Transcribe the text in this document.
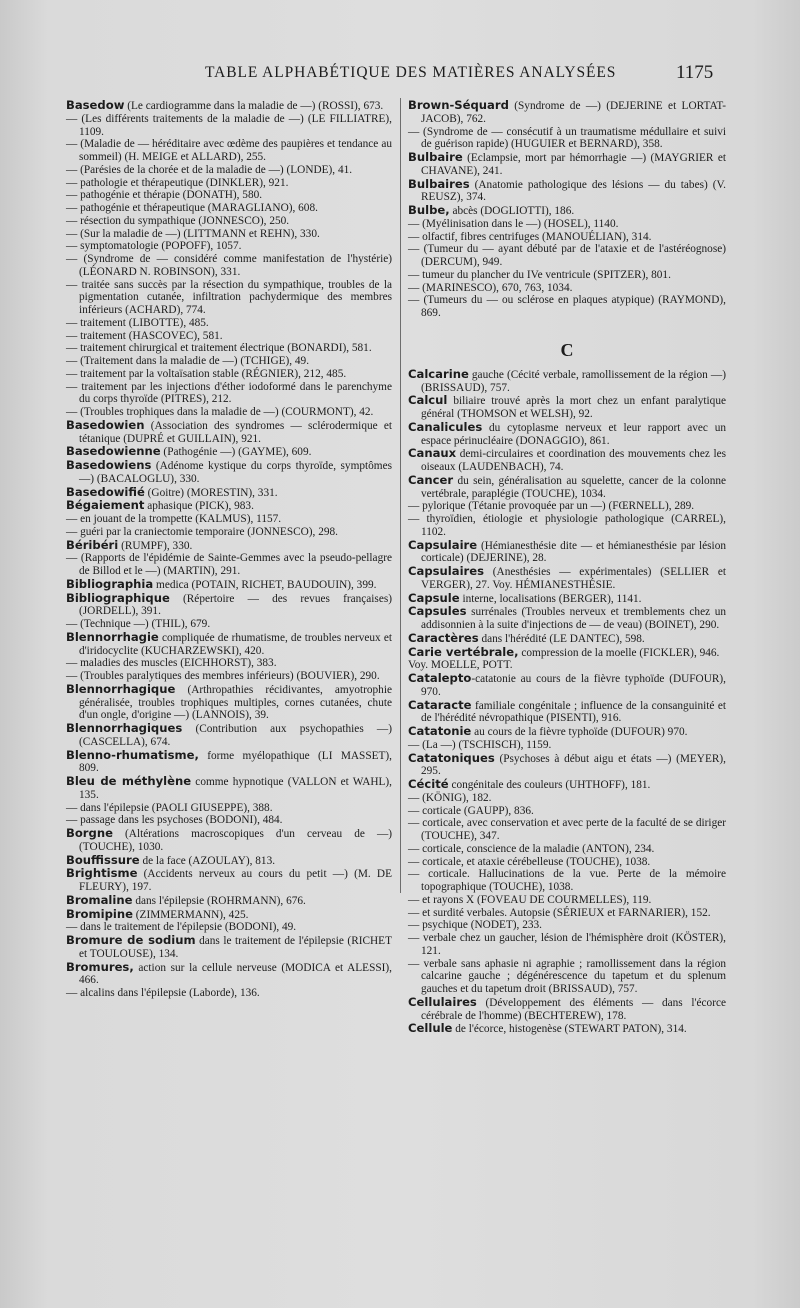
TABLE ALPHABÉTIQUE DES MATIÈRES ANALYSÉES	1175
Basedow (Le cardiogramme dans la maladie de —) (ROSSI), 673.
— (Les différents traitements de la maladie de —) (LE FILLIATRE), 1109.
— (Maladie de — héréditaire avec œdème des paupières et tendance au sommeil) (H. MEIGE et ALLARD), 255.
— (Parésies de la chorée et de la maladie de —) (LONDE), 41.
— pathologie et thérapeutique (DINKLER), 921.
— pathogénie et thérapie (DONATH), 580.
— pathogénie et thérapeutique (MARAGLIANO), 608.
— résection du sympathique (JONNESCO), 250.
— (Sur la maladie de —) (LITTMANN et REHN), 330.
— symptomatologie (POPOFF), 1057.
— (Syndrome de — considéré comme manifestation de l'hystérie) (LÉONARD N. ROBINSON), 331.
— traitée sans succès par la résection du sympathique, troubles de la pigmentation cutanée, infiltration pachydermique des membres inférieurs (ACHARD), 774.
— traitement (LIBOTTE), 485.
— traitement (HASCOVEC), 581.
— traitement chirurgical et traitement électrique (BONARDI), 581.
— (Traitement dans la maladie de —) (TCHIGE), 49.
— traitement par la voltaïsation stable (RÉGNIER), 212, 485.
— traitement par les injections d'éther iodoformé dans le parenchyme du corps thyroïde (PITRES), 212.
— (Troubles trophiques dans la maladie de —) (COURMONT), 42.
Basedowien (Association des syndromes — sclérodermique et tétanique (DUPRÉ et GUILLAIN), 921.
Basedowienne (Pathogénie —) (GAYME), 609.
Basedowiens (Adénome kystique du corps thyroïde, symptômes —) (BACALOGLU), 330.
Basedowifié (Goitre) (MORESTIN), 331.
Bégaiement aphasique (PICK), 983.
— en jouant de la trompette (KALMUS), 1157.
— guéri par la craniectomie temporaire (JONNESCO), 298.
Béribéri (RUMPF), 330.
— (Rapports de l'épidémie de Sainte-Gemmes avec la pseudo-pellagre de Billod et le —) (MARTIN), 291.
Bibliographia medica (POTAIN, RICHET, BAUDOUIN), 399.
Bibliographique (Répertoire — des revues françaises) (JORDELL), 391.
— (Technique —) (THIL), 679.
Blennorrhagie compliquée de rhumatisme, de troubles nerveux et d'iridocyclite (KUCHARZEWSKI), 420.
— maladies des muscles (EICHHORST), 383.
— (Troubles paralytiques des membres inférieurs) (BOUVIER), 290.
Blennorrhagique (Arthropathies récidivantes, amyotrophie généralisée, troubles trophiques multiples, cornes cutanées, chute d'un ongle, d'origine —) (LANNOIS), 39.
Blennorrhagiques (Contribution aux psychopathies —) (CASCELLA), 674.
Blenno-rhumatisme, forme myélopathique (LI MASSET), 809.
Bleu de méthylène comme hypnotique (VALLON et WAHL), 135.
— dans l'épilepsie (PAOLI GIUSEPPE), 388.
— passage dans les psychoses (BODONI), 484.
Borgne (Altérations macroscopiques d'un cerveau de —) (TOUCHE), 1030.
Bouffissure de la face (AZOULAY), 813.
Brightisme (Accidents nerveux au cours du petit —) (M. DE FLEURY), 197.
Bromaline dans l'épilepsie (ROHRMANN), 676.
Bromipine (ZIMMERMANN), 425.
— dans le traitement de l'épilepsie (BODONI), 49.
Bromure de sodium dans le traitement de l'épilepsie (RICHET et TOULOUSE), 134.
Bromures, action sur la cellule nerveuse (MODICA et ALESSI), 466.
— alcalins dans l'épilepsie (Laborde), 136.
Brown-Séquard (Syndrome de —) (DEJERINE et LORTAT-JACOB), 762.
— (Syndrome de — consécutif à un traumatisme médullaire et suivi de guérison rapide) (HUGUIER et BERNARD), 358.
Bulbaire (Eclampsie, mort par hémorrhagie —) (MAYGRIER et CHAVANE), 241.
Bulbaires (Anatomie pathologique des lésions — du tabes) (V. REUSZ), 374.
Bulbe, abcès (DOGLIOTTI), 186.
— (Myélinisation dans le —) (HOSEL), 1140.
— olfactif, fibres centrifuges (MANOUÉLIAN), 314.
— (Tumeur du — ayant débuté par de l'ataxie et de l'astéréognose) (DERCUM), 949.
— tumeur du plancher du IVe ventricule (SPITZER), 801.
— (MARINESCO), 670, 763, 1034.
— (Tumeurs du — ou sclérose en plaques atypique) (RAYMOND), 869.
C
Calcarine gauche (Cécité verbale, ramollissement de la région —) (BRISSAUD), 757.
Calcul biliaire trouvé après la mort chez un enfant paralytique général (THOMSON et WELSH), 92.
Canalicules du cytoplasme nerveux et leur rapport avec un espace périnucléaire (DONAGGIO), 861.
Canaux demi-circulaires et coordination des mouvements chez les oiseaux (LAUDENBACH), 74.
Cancer du sein, généralisation au squelette, cancer de la colonne vertébrale, paraplégie (TOUCHE), 1034.
— pylorique (Tétanie provoquée par un —) (FŒRNELL), 289.
— thyroïdien, étiologie et physiologie pathologique (CARREL), 1102.
Capsulaire (Hémianesthésie dite — et hémianesthésie par lésion corticale) (DEJERINE), 28.
Capsulaires (Anesthésies — expérimentales) (SELLIER et VERGER), 27. Voy. HÉMIANESTHÉSIE.
Capsule interne, localisations (BERGER), 1141.
Capsules surrénales (Troubles nerveux et tremblements chez un addisonnien à la suite d'injections de — de veau) (BOINET), 290.
Caractères dans l'hérédité (LE DANTEC), 598.
Carie vertébrale, compression de la moelle (FICKLER), 946.
Voy. MOELLE, POTT.
Catalepto-catatonie au cours de la fièvre typhoïde (DUFOUR), 970.
Cataracte familiale congénitale ; influence de la consanguinité et de l'hérédité névropathique (PISENTI), 916.
Catatonie au cours de la fièvre typhoïde (DUFOUR) 970.
— (La —) (TSCHISCH), 1159.
Catatoniques (Psychoses à début aigu et états —) (MEYER), 295.
Cécité congénitale des couleurs (UHTHOFF), 181.
— (KÖNIG), 182.
— corticale (GAUPP), 836.
— corticale, avec conservation et avec perte de la faculté de se diriger (TOUCHE), 347.
— corticale, conscience de la maladie (ANTON), 234.
— corticale, et ataxie cérébelleuse (TOUCHE), 1038.
— corticale. Hallucinations de la vue. Perte de la mémoire topographique (TOUCHE), 1038.
— et rayons X (FOVEAU DE COURMELLES), 119.
— et surdité verbales. Autopsie (SÉRIEUX et FARNARIER), 152.
— psychique (NODET), 233.
— verbale chez un gaucher, lésion de l'hémisphère droit (KÖSTER), 121.
— verbale sans aphasie ni agraphie ; ramollissement dans la région calcarine gauche ; dégénérescence du tapetum et du splenum gauches et du tapetum droit (BRISSAUD), 757.
Cellulaires (Développement des éléments — dans l'écorce cérébrale de l'homme) (BECHTEREW), 178.
Cellule de l'écorce, histogenèse (STEWART PATON), 314.
